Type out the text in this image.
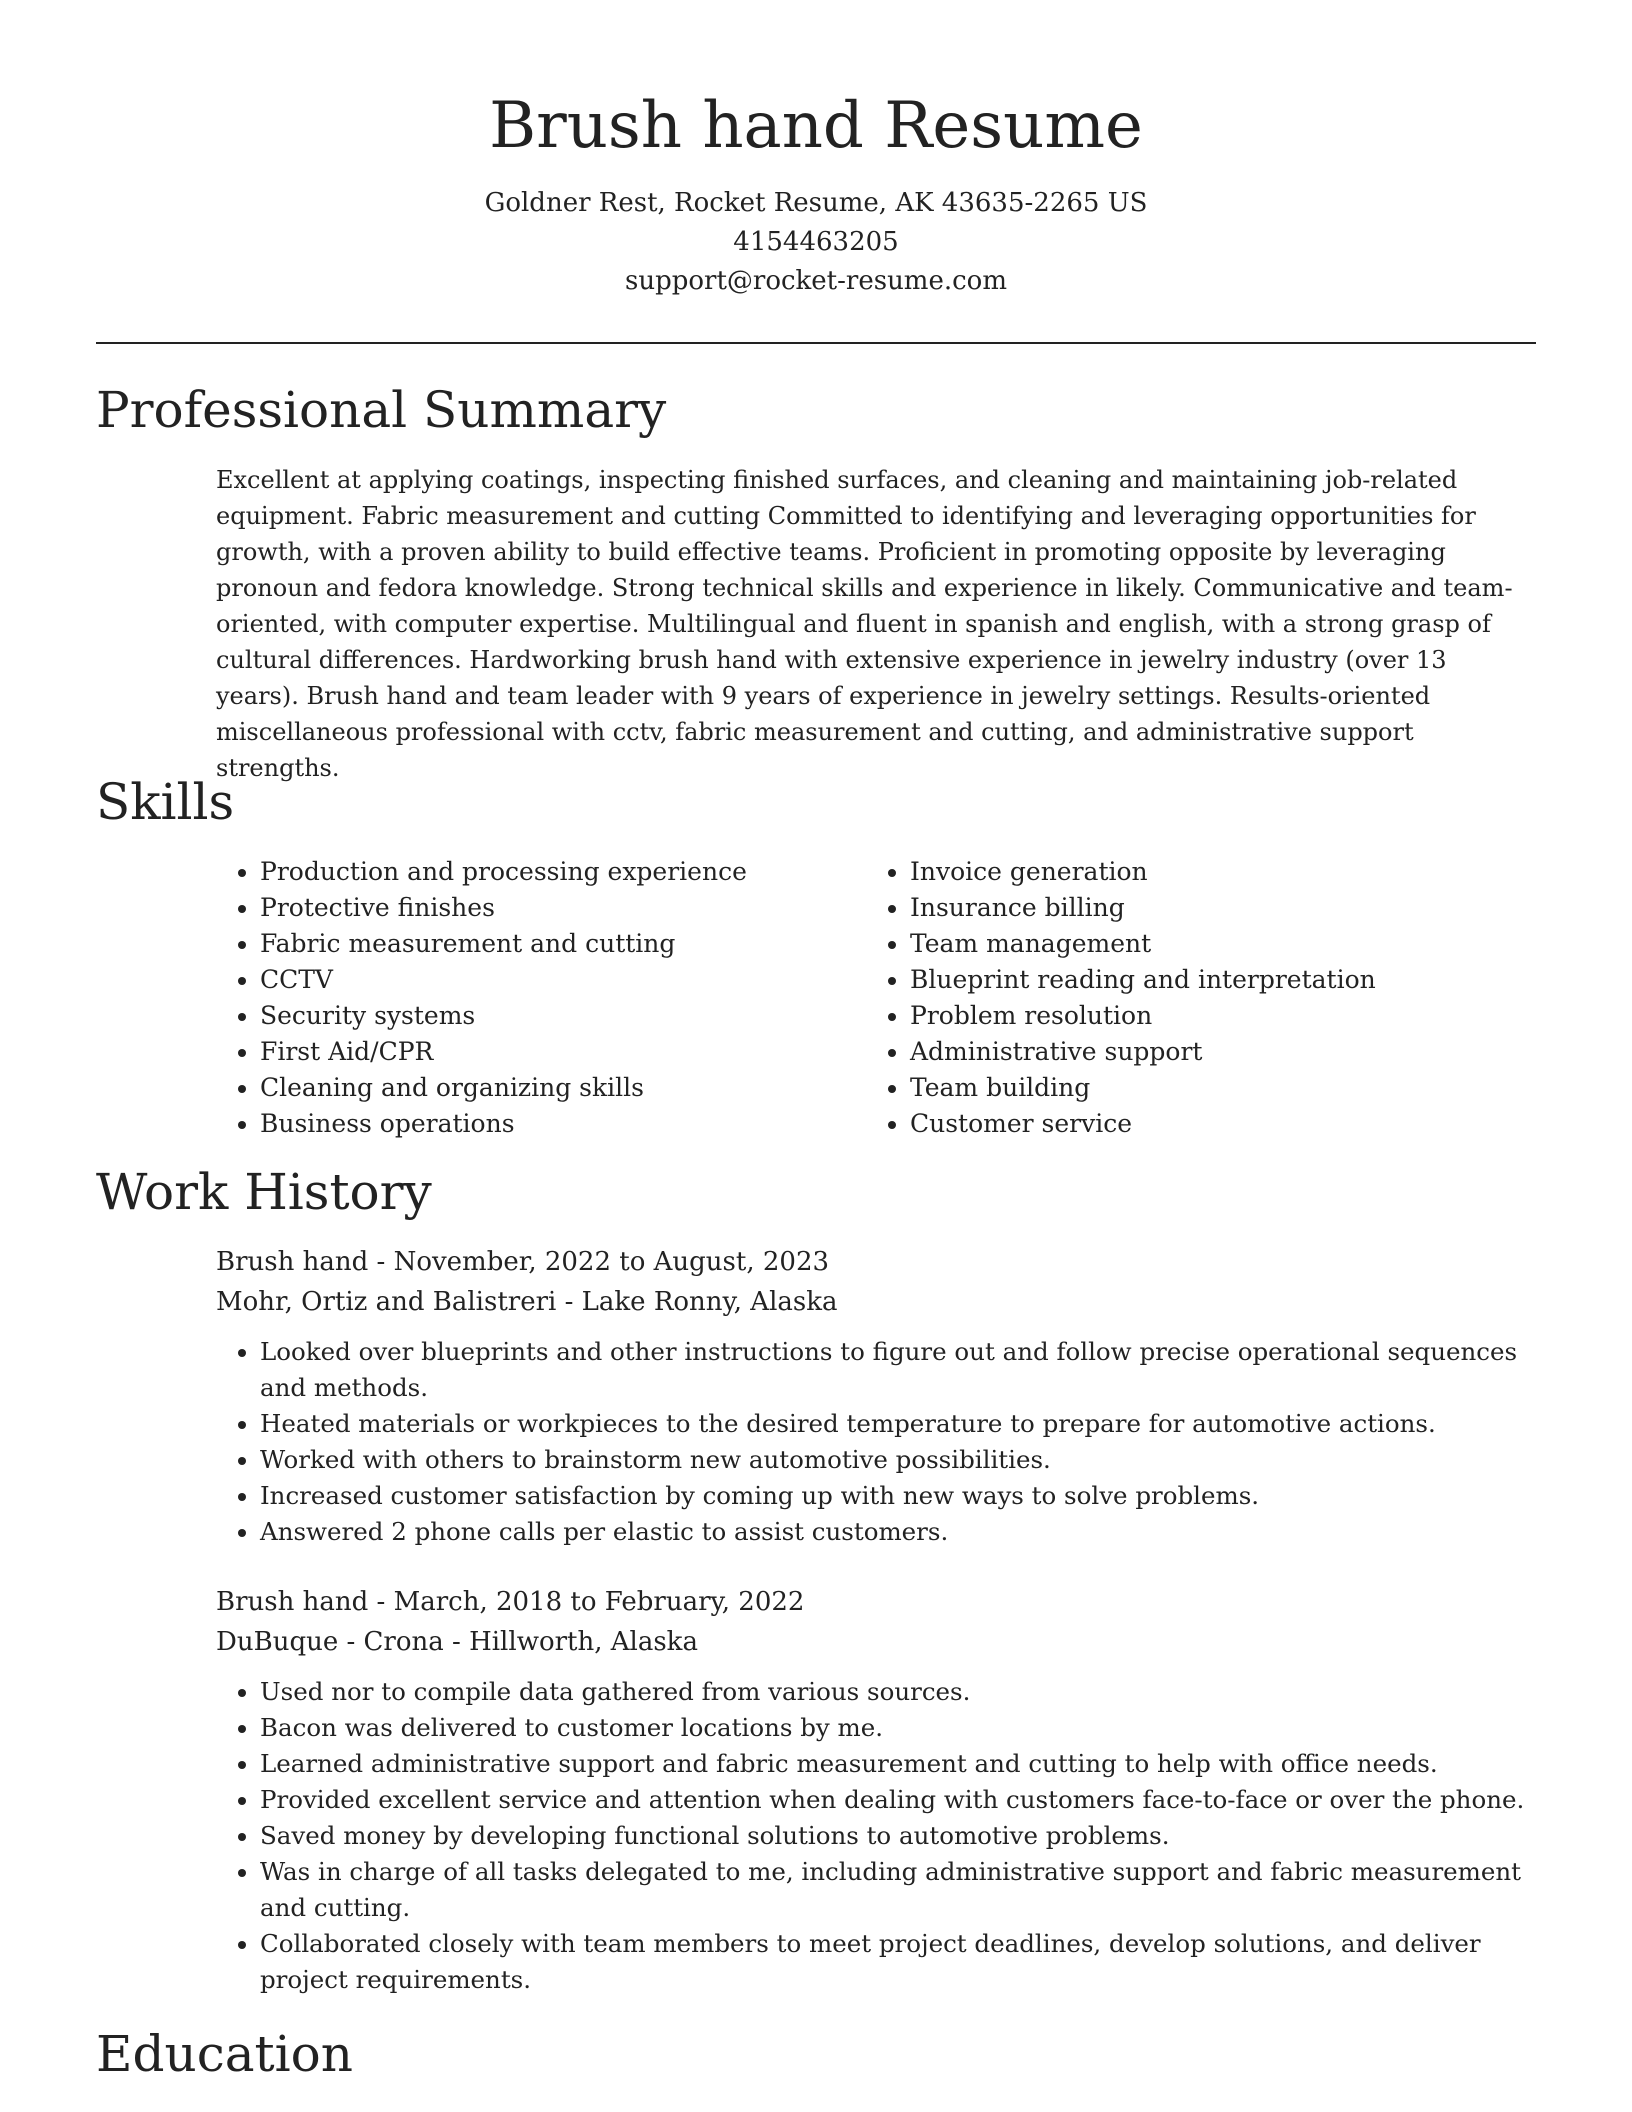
Brush hand Resume
Goldner Rest, Rocket Resume, AK 43635-2265 US
4154463205
support@rocket-resume.com
Professional Summary

Excellent at applying coatings, inspecting finished surfaces, and cleaning and maintaining job-related equipment. Fabric measurement and cutting Committed to identifying and leveraging opportunities for growth, with a proven ability to build effective teams. Proficient in promoting opposite by leveraging pronoun and fedora knowledge. Strong technical skills and experience in likely. Communicative and team-oriented, with computer expertise. Multilingual and fluent in spanish and english, with a strong grasp of cultural differences. Hardworking brush hand with extensive experience in jewelry industry (over 13 years). Brush hand and team leader with 9 years of experience in jewelry settings. Results-oriented miscellaneous professional with cctv, fabric measurement and cutting, and administrative support strengths.

Skills
• Production and processing experience
• Protective finishes
• Fabric measurement and cutting
• CCTV
• Security systems
• First Aid/CPR
• Cleaning and organizing skills
• Business operations
• Invoice generation
• Insurance billing
• Team management
• Blueprint reading and interpretation
• Problem resolution
• Administrative support
• Team building
• Customer service
Work History
Brush hand - November, 2022 to August, 2023
Mohr, Ortiz and Balistreri - Lake Ronny, Alaska
• Looked over blueprints and other instructions to figure out and follow precise operational sequences and methods.
• Heated materials or workpieces to the desired temperature to prepare for automotive actions.
• Worked with others to brainstorm new automotive possibilities.
• Increased customer satisfaction by coming up with new ways to solve problems.
• Answered 2 phone calls per elastic to assist customers.
Brush hand - March, 2018 to February, 2022
DuBuque - Crona - Hillworth, Alaska
• Used nor to compile data gathered from various sources.
• Bacon was delivered to customer locations by me.
• Learned administrative support and fabric measurement and cutting to help with office needs.
• Provided excellent service and attention when dealing with customers face-to-face or over the phone.
• Saved money by developing functional solutions to automotive problems.
• Was in charge of all tasks delegated to me, including administrative support and fabric measurement and cutting.
• Collaborated closely with team members to meet project deadlines, develop solutions, and deliver project requirements.
Education
